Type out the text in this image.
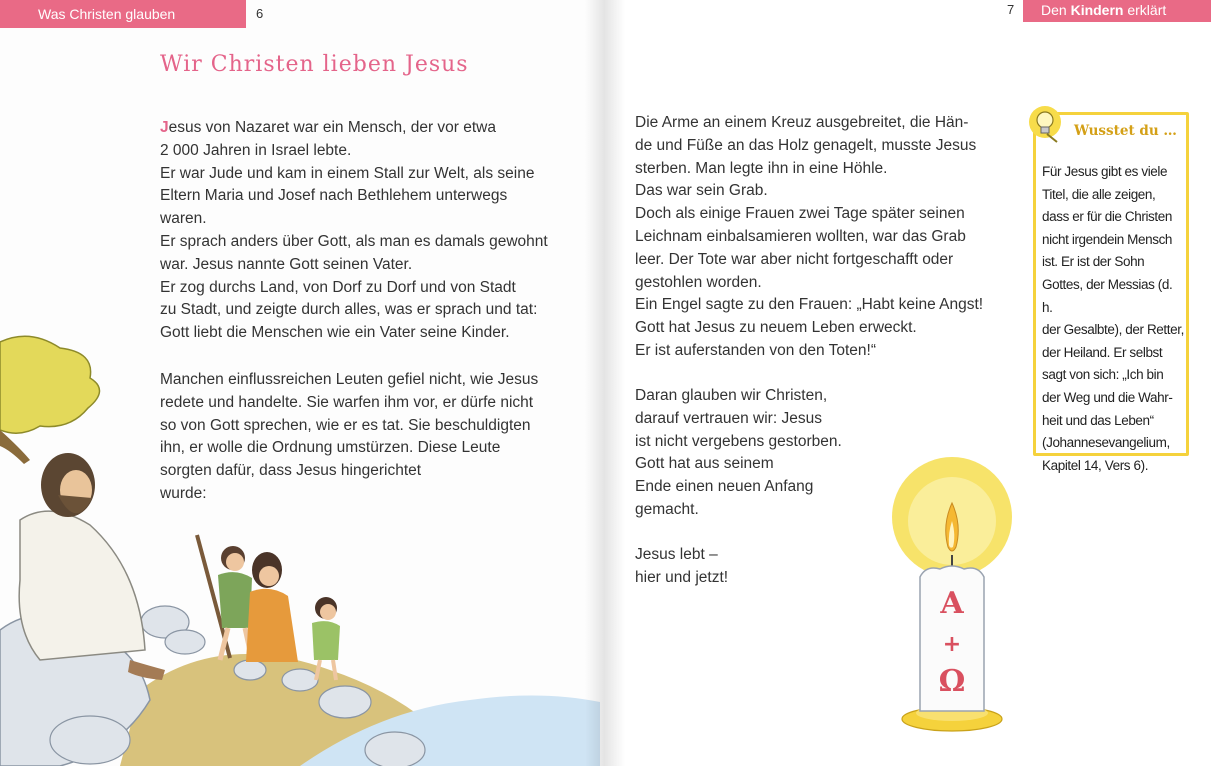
Was Christen glauben	6
Wir Christen lieben Jesus
Jesus von Nazaret war ein Mensch, der vor etwa
2 000 Jahren in Israel lebte.
Er war Jude und kam in einem Stall zur Welt, als seine
Eltern Maria und Josef nach Bethlehem unterwegs
waren.
Er sprach anders über Gott, als man es damals gewohnt
war. Jesus nannte Gott seinen Vater.
Er zog durchs Land, von Dorf zu Dorf und von Stadt
zu Stadt, und zeigte durch alles, was er sprach und tat:
Gott liebt die Menschen wie ein Vater seine Kinder.
Manchen einflussreichen Leuten gefiel nicht, wie Jesus
redete und handelte. Sie warfen ihm vor, er dürfe nicht
so von Gott sprechen, wie er es tat. Sie beschuldigten
ihn, er wolle die Ordnung umstürzen. Diese Leute
sorgten dafür, dass Jesus hingerichtet
wurde:
7	Den Kindern erklärt
Die Arme an einem Kreuz ausgebreitet, die Hän-
de und Füße an das Holz genagelt, musste Jesus
sterben. Man legte ihn in eine Höhle.
Das war sein Grab.
Doch als einige Frauen zwei Tage später seinen
Leichnam einbalsamieren wollten, war das Grab
leer. Der Tote war aber nicht fortgeschafft oder
gestohlen worden.
Ein Engel sagte zu den Frauen: „Habt keine Angst!
Gott hat Jesus zu neuem Leben erweckt.
Er ist auferstanden von den Toten!“
Daran glauben wir Christen,
darauf vertrauen wir: Jesus
ist nicht vergebens gestorben.
Gott hat aus seinem
Ende einen neuen Anfang
gemacht.
Jesus lebt –
hier und jetzt!
Wusstet du …
Für Jesus gibt es viele
Titel, die alle zeigen,
dass er für die Christen
nicht irgendein Mensch
ist. Er ist der Sohn
Gottes, der Messias (d. h.
der Gesalbte), der Retter,
der Heiland. Er selbst
sagt von sich: „Ich bin
der Weg und die Wahr-
heit und das Leben“
(Johannesevangelium,
Kapitel 14, Vers 6).
A
+
Ω
